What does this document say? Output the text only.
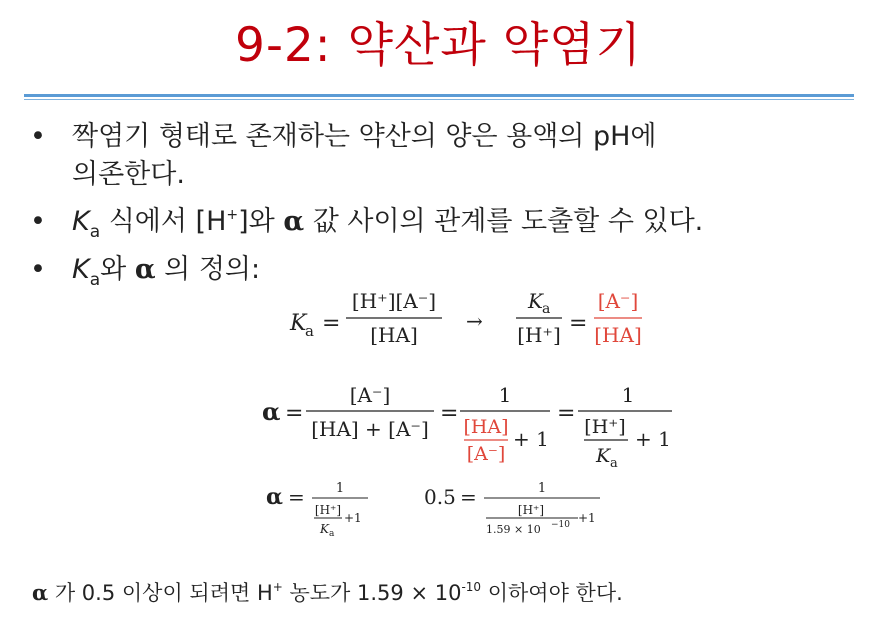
9-2: 약산과 약염기
• 짝염기 형태로 존재하는 약산의 양은 용액의 pH에
의존한다.
• $K_a$ 식에서 [H+]와 α 값 사이의 관계를 도출할 수 있다.
• $K_a$와 α 의 정의:
K
a =
[H⁺][A⁻]
[HA]
→
K a
[H⁺] =
[A⁻]
[HA]
α =
[A⁻]
[HA] + [A⁻]
=
1
[HA]
[A⁻]
+ 1
=
1
[H⁺]
K a
+ 1
α = 1
[H⁺]
K a
+1
0.5 =	1
[H⁺]
1.59 × 10 −10 +1
α 가 0.5 이상이 되려면 H+ 농도가 $1.59 \times 10^{-10}$ 이하여야 한다.
